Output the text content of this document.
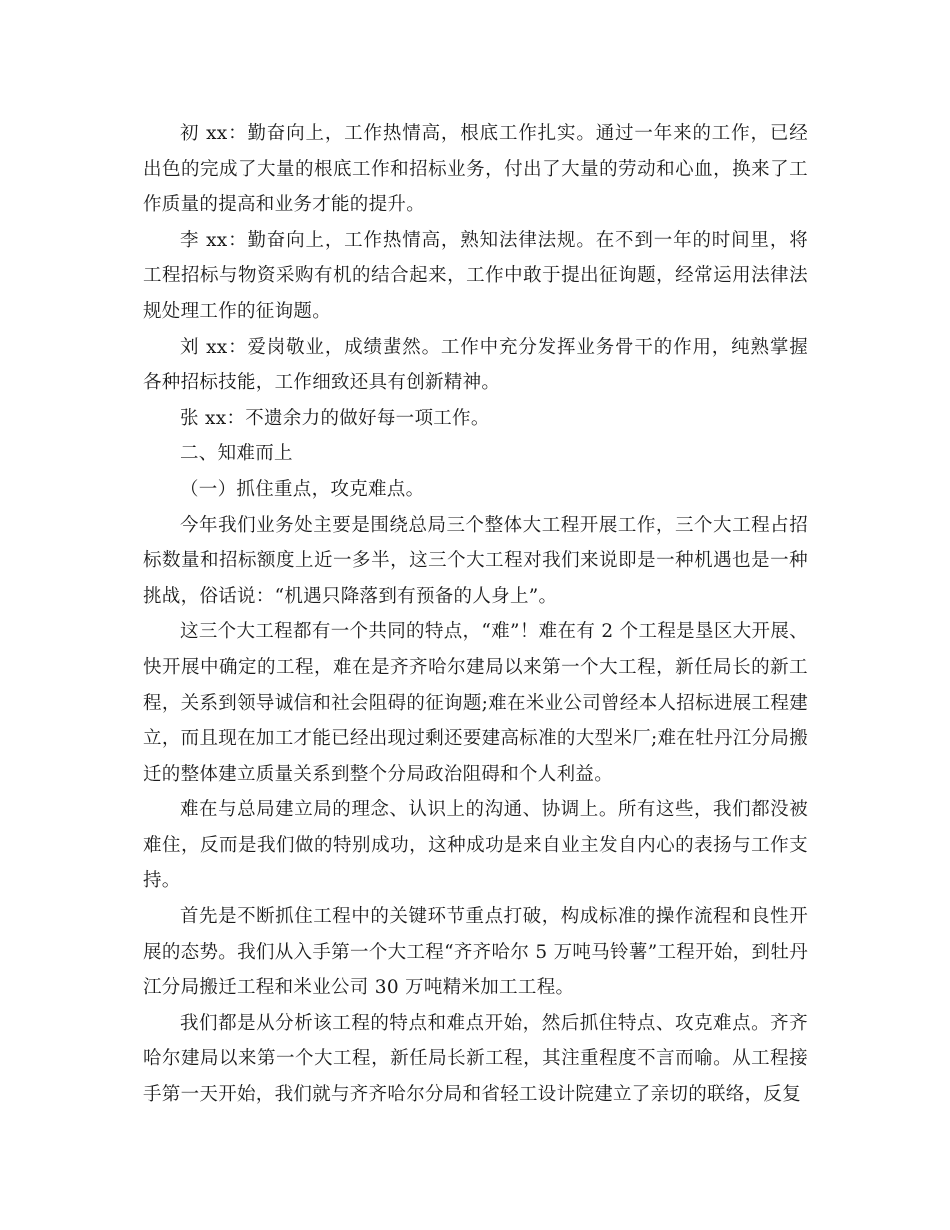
初 xx：勤奋向上，工作热情高，根底工作扎实。通过一年来的工作，已经出色的完成了大量的根底工作和招标业务，付出了大量的劳动和心血，换来了工作质量的提高和业务才能的提升。

李 xx：勤奋向上，工作热情高，熟知法律法规。在不到一年的时间里，将工程招标与物资采购有机的结合起来，工作中敢于提出征询题，经常运用法律法规处理工作的征询题。

刘 xx：爱岗敬业，成绩蜚然。工作中充分发挥业务骨干的作用，纯熟掌握各种招标技能，工作细致还具有创新精神。

张 xx：不遗余力的做好每一项工作。

二、知难而上

（一）抓住重点，攻克难点。

今年我们业务处主要是围绕总局三个整体大工程开展工作，三个大工程占招标数量和招标额度上近一多半，这三个大工程对我们来说即是一种机遇也是一种挑战，俗话说：“机遇只降落到有预备的人身上”。

这三个大工程都有一个共同的特点，“难”！难在有 2 个工程是垦区大开展、快开展中确定的工程，难在是齐齐哈尔建局以来第一个大工程，新任局长的新工程，关系到领导诚信和社会阻碍的征询题;难在米业公司曾经本人招标进展工程建立，而且现在加工才能已经出现过剩还要建高标准的大型米厂;难在牡丹江分局搬迁的整体建立质量关系到整个分局政治阻碍和个人利益。

难在与总局建立局的理念、认识上的沟通、协调上。所有这些，我们都没被难住，反而是我们做的特别成功，这种成功是来自业主发自内心的表扬与工作支持。

首先是不断抓住工程中的关键环节重点打破，构成标准的操作流程和良性开展的态势。我们从入手第一个大工程“齐齐哈尔 5 万吨马铃薯”工程开始，到牡丹江分局搬迁工程和米业公司 30 万吨精米加工工程。

我们都是从分析该工程的特点和难点开始，然后抓住特点、攻克难点。齐齐哈尔建局以来第一个大工程，新任局长新工程，其注重程度不言而喻。从工程接手第一天开始，我们就与齐齐哈尔分局和省轻工设计院建立了亲切的联络，反复
